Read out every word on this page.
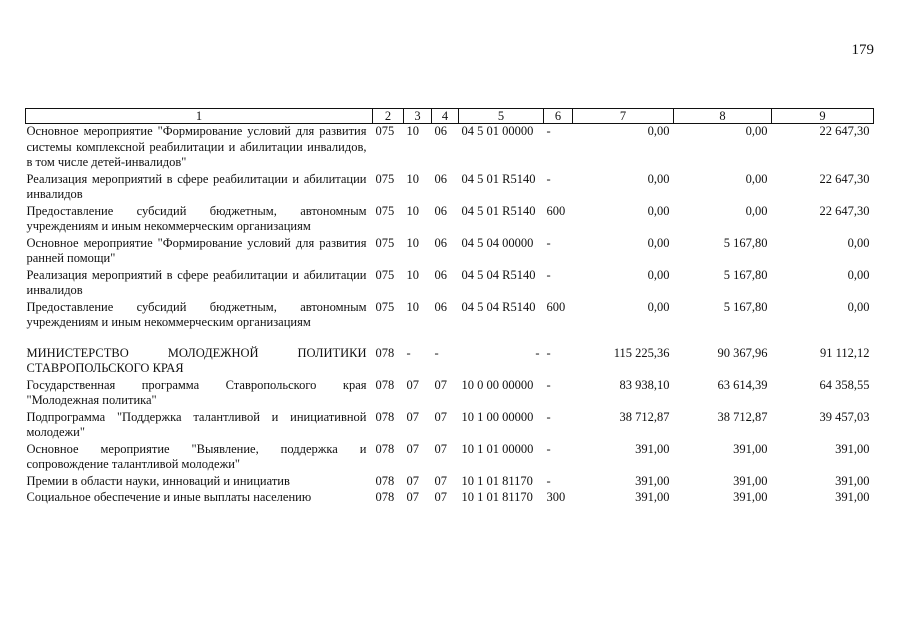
179
1	2	3	4	5	6	7	8	9
Основное мероприятие "Формирование условий для развития системы комплексной реабилитации и абилитации инвалидов, в том числе детей-инвалидов"	075	10	06	04 5 01 00000	-	0,00	0,00	22 647,30
Реализация мероприятий в сфере реабилитации и абилитации инвалидов	075	10	06	04 5 01 R5140	-	0,00	0,00	22 647,30
Предоставление субсидий бюджетным, автономным учреждениям и иным некоммерческим организациям	075	10	06	04 5 01 R5140	600	0,00	0,00	22 647,30
Основное мероприятие "Формирование условий для развития ранней помощи"	075	10	06	04 5 04 00000	-	0,00	5 167,80	0,00
Реализация мероприятий в сфере реабилитации и абилитации инвалидов	075	10	06	04 5 04 R5140	-	0,00	5 167,80	0,00
Предоставление субсидий бюджетным, автономным учреждениям и иным некоммерческим организациям	075	10	06	04 5 04 R5140	600	0,00	5 167,80	0,00

МИНИСТЕРСТВО МОЛОДЕЖНОЙ ПОЛИТИКИ СТАВРОПОЛЬСКОГО КРАЯ	078	-	-	-	-	115 225,36	90 367,96	91 112,12
Государственная программа Ставропольского края "Молодежная политика"	078	07	07	10 0 00 00000	-	83 938,10	63 614,39	64 358,55
Подпрограмма "Поддержка талантливой и инициативной молодежи"	078	07	07	10 1 00 00000	-	38 712,87	38 712,87	39 457,03
Основное мероприятие "Выявление, поддержка и сопровождение талантливой молодежи"	078	07	07	10 1 01 00000	-	391,00	391,00	391,00
Премии в области науки, инноваций и инициатив	078	07	07	10 1 01 81170	-	391,00	391,00	391,00
Социальное обеспечение и иные выплаты населению	078	07	07	10 1 01 81170	300	391,00	391,00	391,00
